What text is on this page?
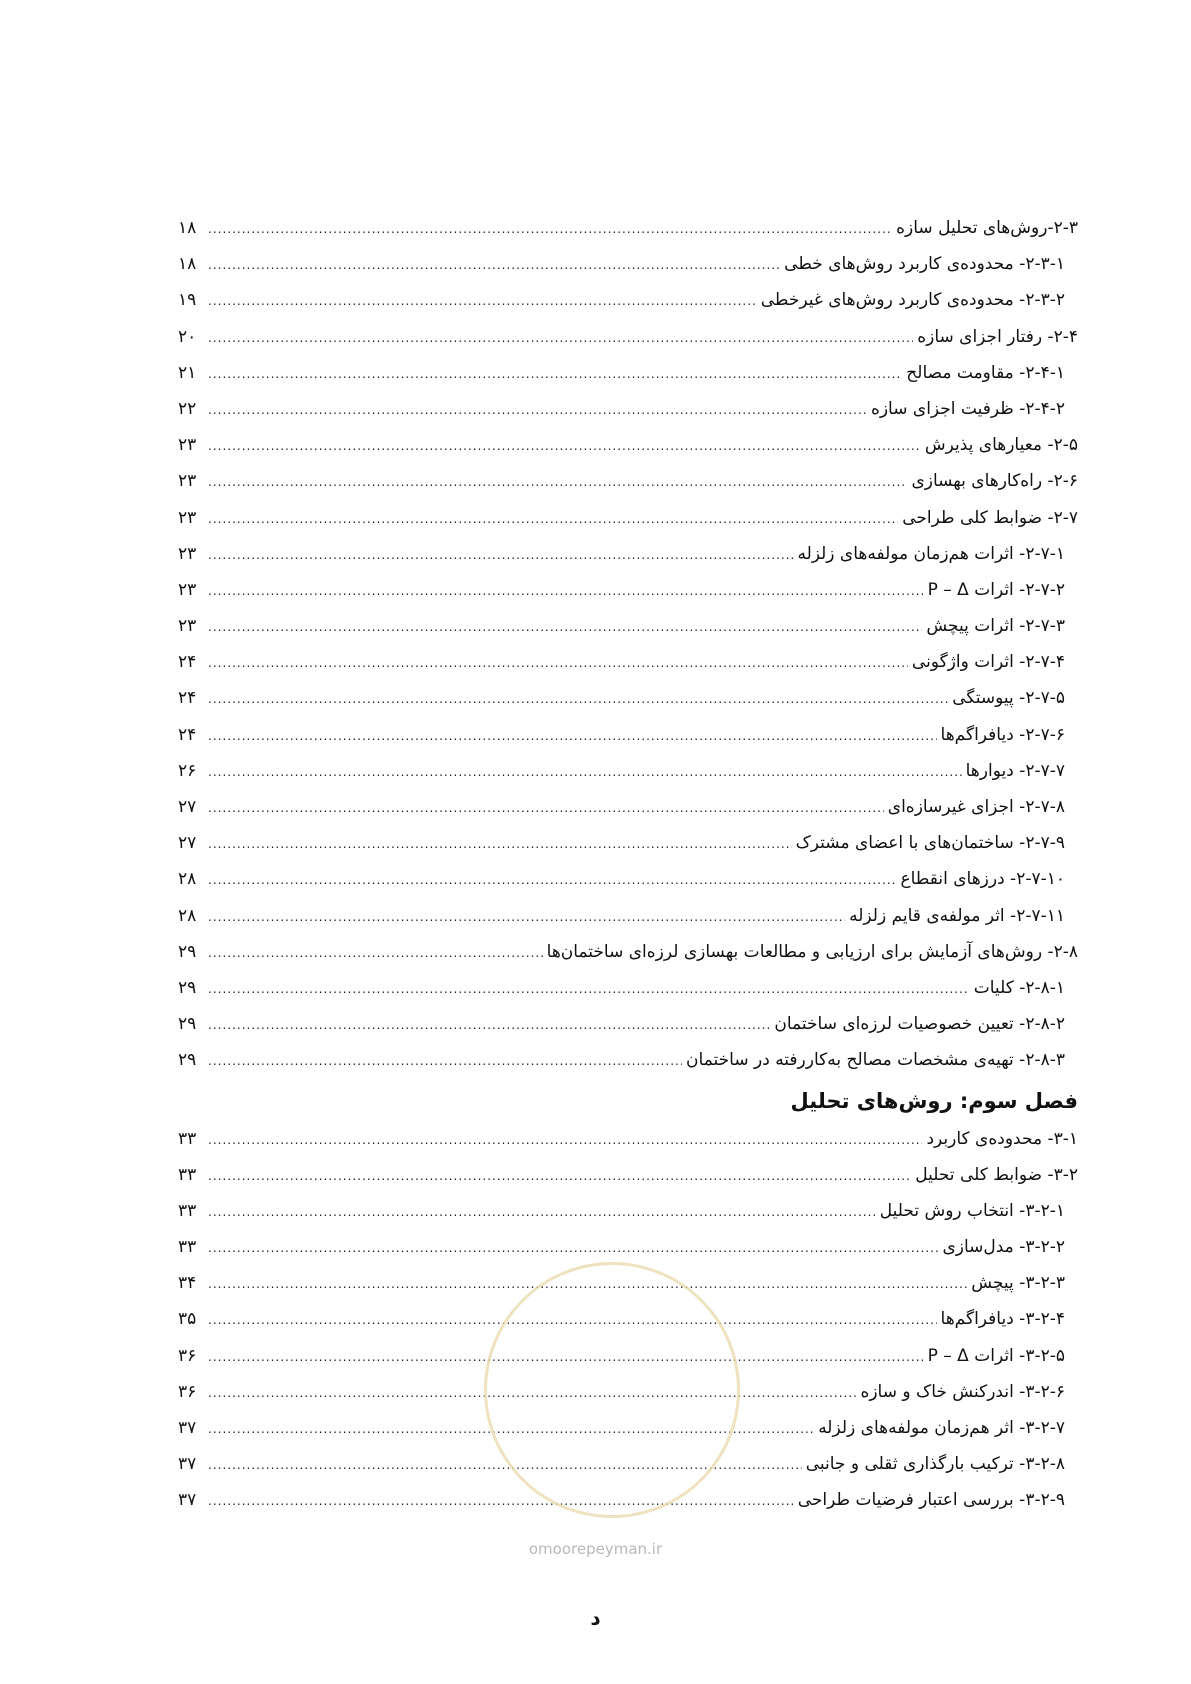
۲-۳-روش‌های تحلیل سازه
.....
۱۸
۲-۳-۱- محدوده‌ی کاربرد روش‌های خطی
.....
۱۸
۲-۳-۲- محدوده‌ی کاربرد روش‌های غیرخطی
.....
۱۹
۲-۴- رفتار اجزای سازه
.....
۲۰
۲-۴-۱- مقاومت مصالح
.....
۲۱
۲-۴-۲- ظرفیت اجزای سازه
.....
۲۲
۲-۵- معیارهای پذیرش
.....
۲۳
۲-۶- راه‌کارهای بهسازی
.....
۲۳
۲-۷- ضوابط کلی طراحی
.....
۲۳
۲-۷-۱- اثرات هم‌زمان مولفه‌های زلزله
.....
۲۳
۲-۷-۲- اثرات P – Δ
.....
۲۳
۲-۷-۳- اثرات پیچش
.....
۲۳
۲-۷-۴- اثرات واژگونی
.....
۲۴
۲-۷-۵- پیوستگی
.....
۲۴
۲-۷-۶- دیافراگم‌ها
.....
۲۴
۲-۷-۷- دیوارها
.....
۲۶
۲-۷-۸- اجزای غیرسازه‌ای
.....
۲۷
۲-۷-۹- ساختمان‌های با اعضای مشترک
.....
۲۷
۲-۷-۱۰- درزهای انقطاع
.....
۲۸
۲-۷-۱۱- اثر مولفه‌ی قایم زلزله
.....
۲۸
۲-۸- روش‌های آزمایش برای ارزیابی و مطالعات بهسازی لرزه‌ای ساختمان‌ها
.....
۲۹
۲-۸-۱- کلیات
.....
۲۹
۲-۸-۲- تعیین خصوصیات لرزه‌ای ساختمان
.....
۲۹
۲-۸-۳- تهیه‌ی مشخصات مصالح به‌کاررفته در ساختمان
.....
۲۹
فصل سوم: روش‌های تحلیل
۳-۱- محدوده‌ی کاربرد
.....
۳۳
۳-۲- ضوابط کلی تحلیل
.....
۳۳
۳-۲-۱- انتخاب روش تحلیل
.....
۳۳
۳-۲-۲- مدل‌سازی
.....
۳۳
۳-۲-۳- پیچش
.....
۳۴
۳-۲-۴- دیافراگم‌ها
.....
۳۵
۳-۲-۵- اثرات P – Δ
.....
۳۶
۳-۲-۶- اندرکنش خاک و سازه
.....
۳۶
۳-۲-۷- اثر هم‌زمان مولفه‌های زلزله
.....
۳۷
۳-۲-۸- ترکیب بارگذاری ثقلی و جانبی
.....
۳۷
۳-۲-۹- بررسی اعتبار فرضیات طراحی
.....
۳۷
omoorepeyman.ir
د
